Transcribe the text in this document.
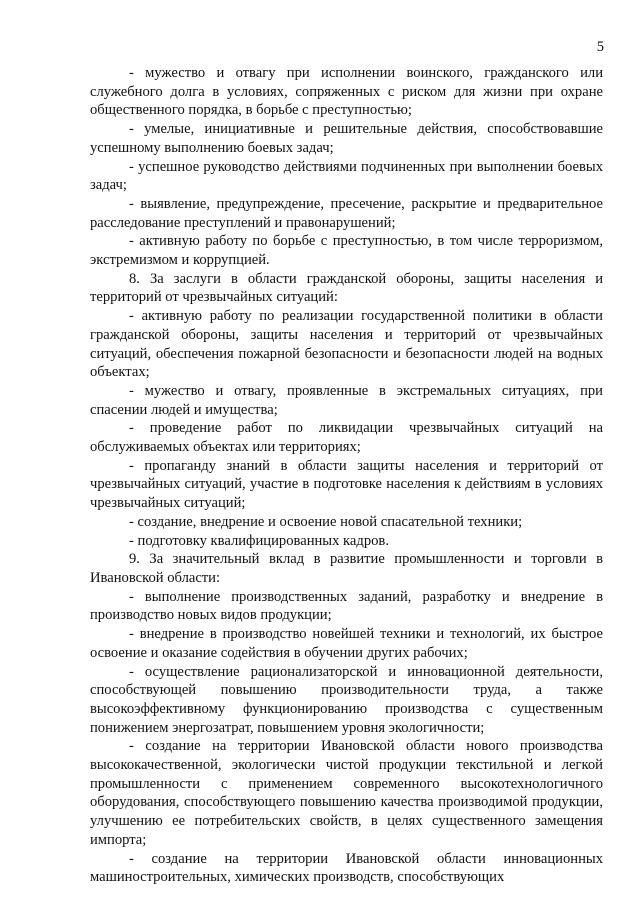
5

- мужество и отвагу при исполнении воинского, гражданского или служебного долга в условиях, сопряженных с риском для жизни при охране общественного порядка, в борьбе с преступностью;

- умелые, инициативные и решительные действия, способствовавшие успешному выполнению боевых задач;

- успешное руководство действиями подчиненных при выполнении боевых задач;

- выявление, предупреждение, пресечение, раскрытие и предварительное расследование преступлений и правонарушений;

- активную работу по борьбе с преступностью, в том числе терроризмом, экстремизмом и коррупцией.

8. За заслуги в области гражданской обороны, защиты населения и территорий от чрезвычайных ситуаций:

- активную работу по реализации государственной политики в области гражданской обороны, защиты населения и территорий от чрезвычайных ситуаций, обеспечения пожарной безопасности и безопасности людей на водных объектах;

- мужество и отвагу, проявленные в экстремальных ситуациях, при спасении людей и имущества;

- проведение работ по ликвидации чрезвычайных ситуаций на обслуживаемых объектах или территориях;

- пропаганду знаний в области защиты населения и территорий от чрезвычайных ситуаций, участие в подготовке населения к действиям в условиях чрезвычайных ситуаций;

- создание, внедрение и освоение новой спасательной техники;

- подготовку квалифицированных кадров.

9. За значительный вклад в развитие промышленности и торговли в Ивановской области:

- выполнение производственных заданий, разработку и внедрение в производство новых видов продукции;

- внедрение в производство новейшей техники и технологий, их быстрое освоение и оказание содействия в обучении других рабочих;

- осуществление рационализаторской и инновационной деятельности, способствующей повышению производительности труда, а также высокоэффективному функционированию производства с существенным понижением энергозатрат, повышением уровня экологичности;

- создание на территории Ивановской области нового производства высококачественной, экологически чистой продукции текстильной и легкой промышленности с применением современного высокотехнологичного оборудования, способствующего повышению качества производимой продукции, улучшению ее потребительских свойств, в целях существенного замещения импорта;

- создание на территории Ивановской области инновационных машиностроительных, химических производств, способствующих
